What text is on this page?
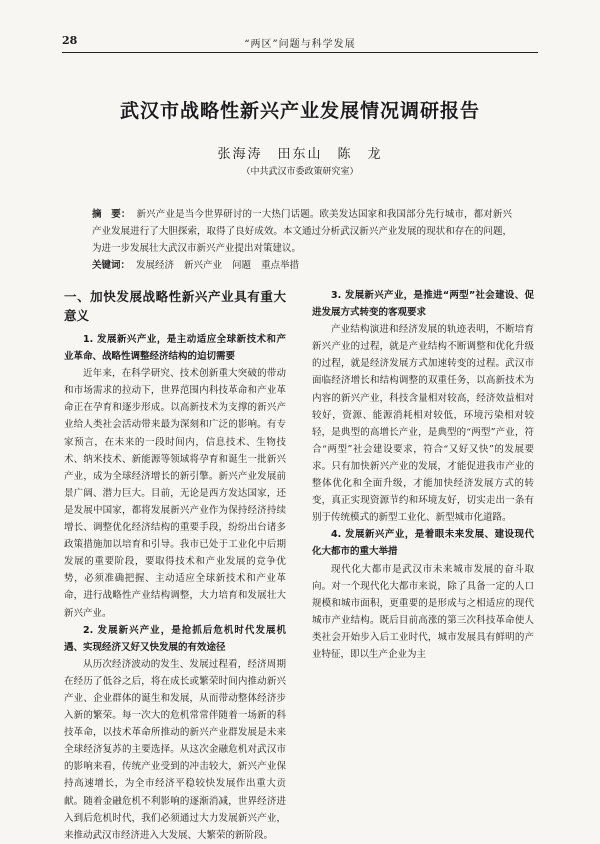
28	“两区”问题与科学发展
武汉市战略性新兴产业发展情况调研报告
张海涛　田东山　陈　龙
（中共武汉市委政策研究室）
摘　要： 新兴产业是当今世界研讨的一大热门话题。欧美发达国家和我国部分先行城市，都对新兴产业发展进行了大胆探索，取得了良好成效。本文通过分析武汉新兴产业发展的现状和存在的问题，为进一步发展壮大武汉市新兴产业提出对策建议。
关键词： 发展经济 新兴产业 问题 重点举措
一、加快发展战略性新兴产业具有重大意义
1. 发展新兴产业，是主动适应全球新技术和产业革命、战略性调整经济结构的迫切需要

近年来，在科学研究、技术创新重大突破的带动和市场需求的拉动下，世界范围内科技革命和产业革命正在孕育和逐步形成。以高新技术为支撑的新兴产业给人类社会活动带来最为深刻和广泛的影响。有专家预言，在未来的一段时间内，信息技术、生物技术、纳米技术、新能源等领域将孕育和诞生一批新兴产业，成为全球经济增长的新引擎。新兴产业发展前景广阔、潜力巨大。目前，无论是西方发达国家，还是发展中国家，都将发展新兴产业作为保持经济持续增长、调整优化经济结构的重要手段，纷纷出台诸多政策措施加以培育和引导。我市已处于工业化中后期发展的重要阶段，要取得技术和产业发展的竞争优势，必须准确把握、主动适应全球新技术和产业革命，进行战略性产业结构调整，大力培育和发展壮大新兴产业。

2. 发展新兴产业，是抢抓后危机时代发展机遇、实现经济又好又快发展的有效途径

从历次经济波动的发生、发展过程看，经济周期在经历了低谷之后，将在成长或繁荣时间内推动新兴产业、企业群体的诞生和发展，从而带动整体经济步入新的繁荣。每一次大的危机常常伴随着一场新的科技革命，以技术革命所推动的新兴产业群发展是未来全球经济复苏的主要选择。从这次金融危机对武汉市的影响来看，传统产业受到的冲击较大，新兴产业保持高速增长，为全市经济平稳较快发展作出重大贡献。随着金融危机不利影响的逐渐消减，世界经济进入到后危机时代，我们必须通过大力发展新兴产业，来推动武汉市经济进入大发展、大繁荣的新阶段。

3. 发展新兴产业，是推进“两型”社会建设、促进发展方式转变的客观要求

产业结构演进和经济发展的轨迹表明，不断培育新兴产业的过程，就是产业结构不断调整和优化升级的过程，就是经济发展方式加速转变的过程。武汉市面临经济增长和结构调整的双重任务，以高新技术为内容的新兴产业，科技含量相对较高，经济效益相对较好，资源、能源消耗相对较低，环境污染相对较轻，是典型的高增长产业，是典型的“两型”产业，符合“两型”社会建设要求，符合“又好又快”的发展要求。只有加快新兴产业的发展，才能促进我市产业的整体优化和全面升级，才能加快经济发展方式的转变，真正实现资源节约和环境友好，切实走出一条有别于传统模式的新型工业化、新型城市化道路。

4. 发展新兴产业，是着眼未来发展、建设现代化大都市的重大举措

现代化大都市是武汉市未来城市发展的奋斗取向。对一个现代化大都市来说，除了具备一定的人口规模和城市面积，更重要的是形成与之相适应的现代城市产业结构。既后目前高涨的第三次科技革命使人类社会开始步入后工业时代，城市发展具有鲜明的产业特征，即以生产企业为主
